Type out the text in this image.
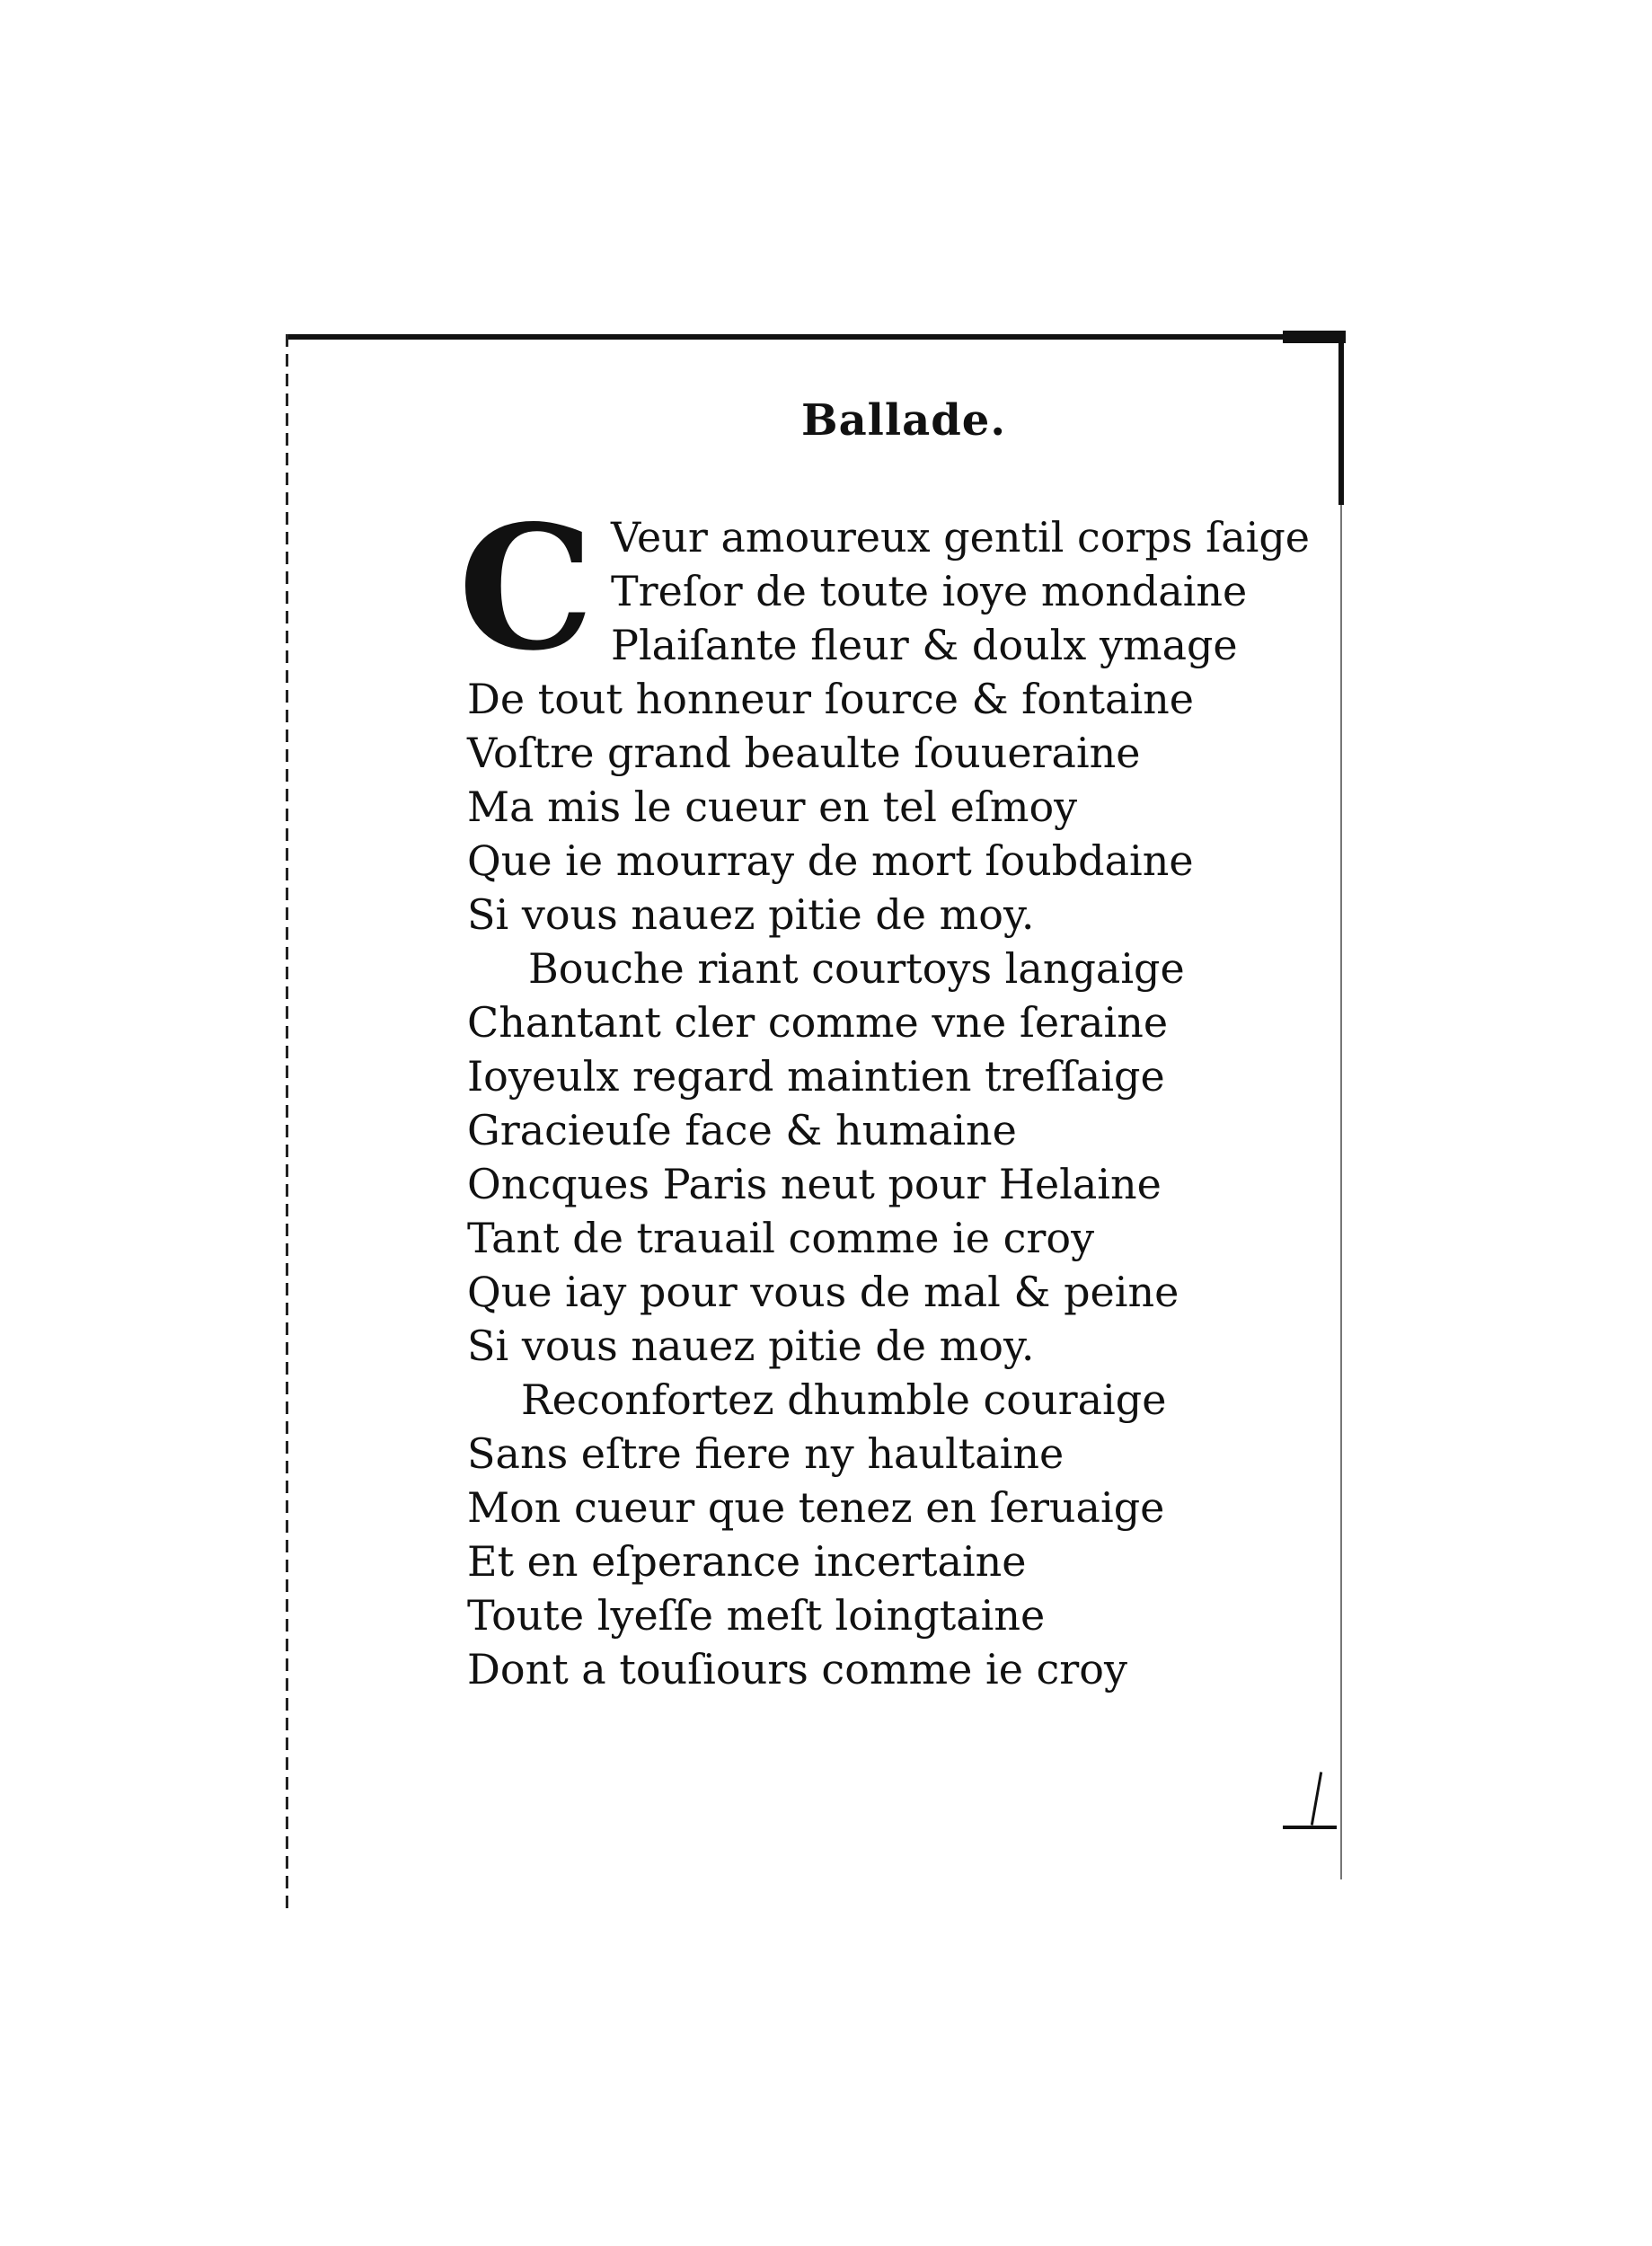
Ballade.
C Veur amoureux gentil corps ſaige
Treſor de toute ioye mondaine
Plaiſante fleur & doulx ymage
De tout honneur ſource & fontaine
Voſtre grand beaulte ſouueraine
Ma mis le cueur en tel eſmoy
Que ie mourray de mort ſoubdaine
Si vous nauez pitie de moy.
Bouche riant courtoys langaige
Chantant cler comme vne ſeraine
Ioyeulx regard maintien treſſaige
Gracieuſe face & humaine
Oncques Paris neut pour Helaine
Tant de trauail comme ie croy
Que iay pour vous de mal & peine
Si vous nauez pitie de moy.
Reconfortez dhumble couraige
Sans eſtre fiere ny haultaine
Mon cueur que tenez en ſeruaige
Et en eſperance incertaine
Toute lyeſſe meſt loingtaine
Dont a touſiours comme ie croy
